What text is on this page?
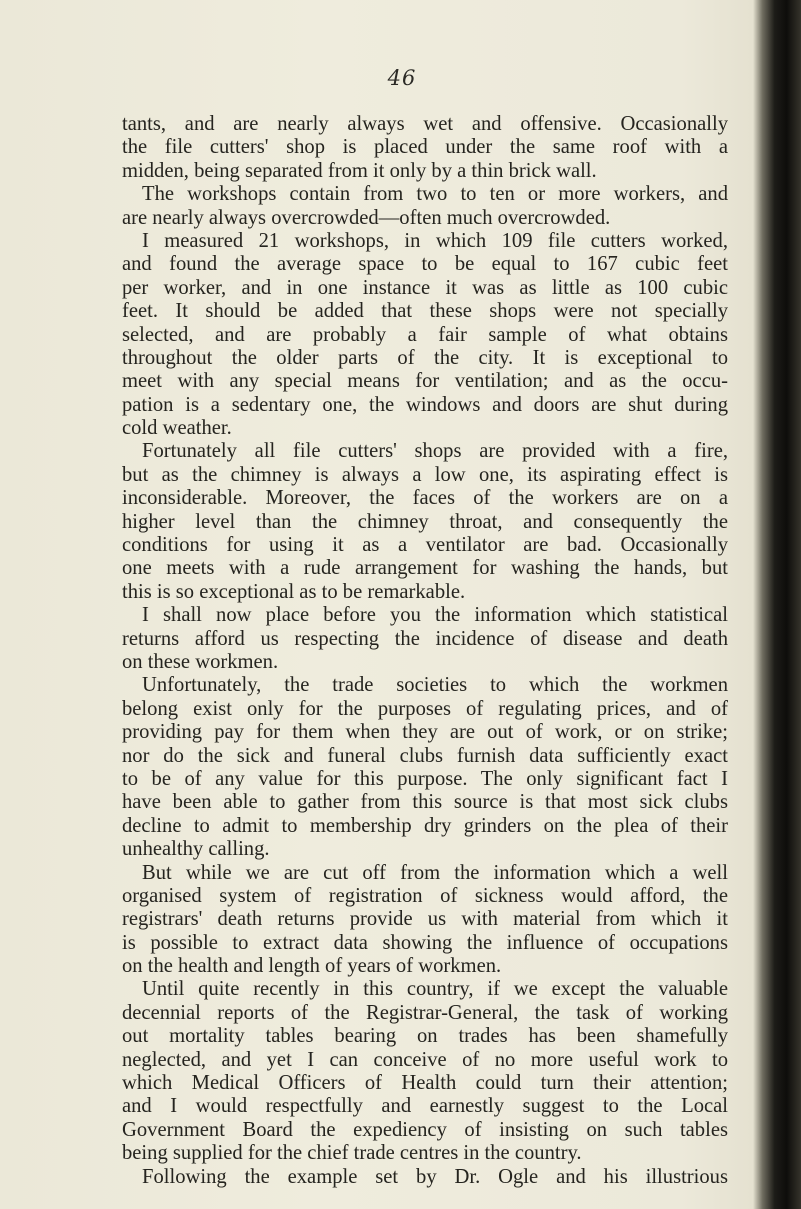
46
tants, and are nearly always wet and offensive. Occasionally
the file cutters' shop is placed under the same roof with a
midden, being separated from it only by a thin brick wall.
The workshops contain from two to ten or more workers, and
are nearly always overcrowded—often much overcrowded.
I measured 21 workshops, in which 109 file cutters worked,
and found the average space to be equal to 167 cubic feet
per worker, and in one instance it was as little as 100 cubic
feet. It should be added that these shops were not specially
selected, and are probably a fair sample of what obtains
throughout the older parts of the city. It is exceptional to
meet with any special means for ventilation; and as the occu-
pation is a sedentary one, the windows and doors are shut during
cold weather.
Fortunately all file cutters' shops are provided with a fire,
but as the chimney is always a low one, its aspirating effect is
inconsiderable. Moreover, the faces of the workers are on a
higher level than the chimney throat, and consequently the
conditions for using it as a ventilator are bad. Occasionally
one meets with a rude arrangement for washing the hands, but
this is so exceptional as to be remarkable.
I shall now place before you the information which statistical
returns afford us respecting the incidence of disease and death
on these workmen.
Unfortunately, the trade societies to which the workmen
belong exist only for the purposes of regulating prices, and of
providing pay for them when they are out of work, or on strike;
nor do the sick and funeral clubs furnish data sufficiently exact
to be of any value for this purpose. The only significant fact I
have been able to gather from this source is that most sick clubs
decline to admit to membership dry grinders on the plea of their
unhealthy calling.
But while we are cut off from the information which a well
organised system of registration of sickness would afford, the
registrars' death returns provide us with material from which it
is possible to extract data showing the influence of occupations
on the health and length of years of workmen.
Until quite recently in this country, if we except the valuable
decennial reports of the Registrar-General, the task of working
out mortality tables bearing on trades has been shamefully
neglected, and yet I can conceive of no more useful work to
which Medical Officers of Health could turn their attention;
and I would respectfully and earnestly suggest to the Local
Government Board the expediency of insisting on such tables
being supplied for the chief trade centres in the country.
Following the example set by Dr. Ogle and his illustrious
